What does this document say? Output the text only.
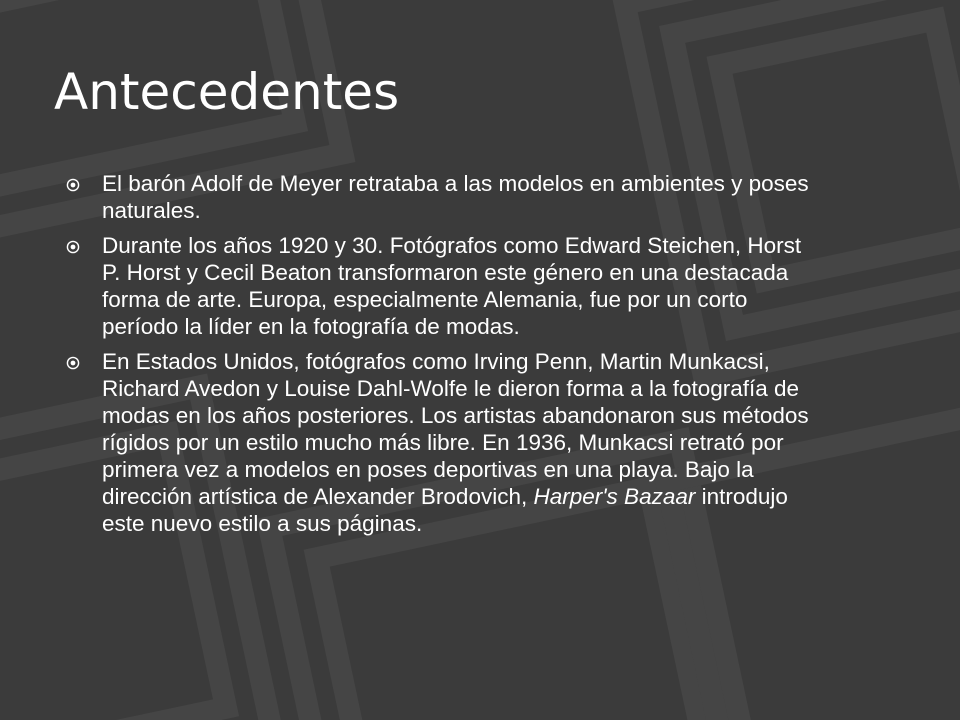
Antecedentes
El barón Adolf de Meyer retrataba a las modelos en ambientes y poses naturales.
Durante los años 1920 y 30. Fotógrafos como Edward Steichen, Horst P. Horst y Cecil Beaton transformaron este género en una destacada forma de arte. Europa, especialmente Alemania, fue por un corto período la líder en la fotografía de modas.
En Estados Unidos, fotógrafos como Irving Penn, Martin Munkacsi, Richard Avedon y Louise Dahl-Wolfe le dieron forma a la fotografía de modas en los años posteriores. Los artistas abandonaron sus métodos rígidos por un estilo mucho más libre. En 1936, Munkacsi retrató por primera vez a modelos en poses deportivas en una playa. Bajo la dirección artística de Alexander Brodovich, Harper's Bazaar introdujo este nuevo estilo a sus páginas.
